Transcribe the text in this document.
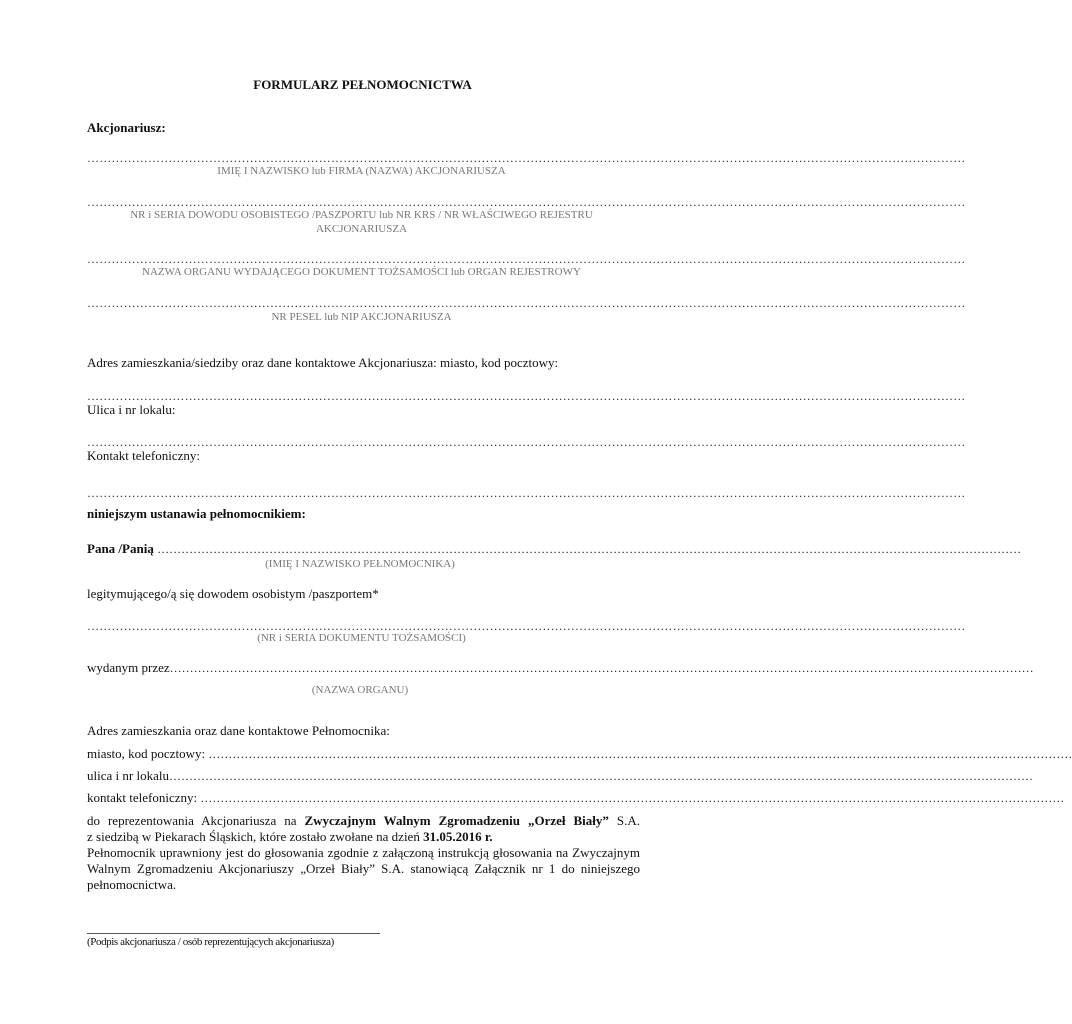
FORMULARZ PEŁNOMOCNICTWA
Akcjonariusz:
………………………………………………………………………………………………………………………………………………………………………………………………
IMIĘ I NAZWISKO lub FIRMA (NAZWA) AKCJONARIUSZA
………………………………………………………………………………………………………………………………………………………………………………………………
NR i SERIA DOWODU OSOBISTEGO /PASZPORTU lub NR KRS / NR WŁAŚCIWEGO REJESTRU
AKCJONARIUSZA
………………………………………………………………………………………………………………………………………………………………………………………………
NAZWA ORGANU WYDAJĄCEGO DOKUMENT TOŻSAMOŚCI lub ORGAN REJESTROWY
………………………………………………………………………………………………………………………………………………………………………………………………
NR PESEL lub NIP AKCJONARIUSZA
Adres zamieszkania/siedziby oraz dane kontaktowe Akcjonariusza: miasto, kod pocztowy:
………………………………………………………………………………………………………………………………………………………………………………………………
Ulica i nr lokalu:
………………………………………………………………………………………………………………………………………………………………………………………………
Kontakt telefoniczny:
………………………………………………………………………………………………………………………………………………………………………………………………
niniejszym ustanawia pełnomocnikiem:
Pana /Panią ………………………………………………………………………………………………………………………………………………………………………………………………
(IMIĘ I NAZWISKO PEŁNOMOCNIKA)
legitymującego/ą się dowodem osobistym /paszportem*
………………………………………………………………………………………………………………………………………………………………………………………………
(NR i SERIA DOKUMENTU TOŻSAMOŚCI)
wydanym przez………………………………………………………………………………………………………………………………………………………………………………………………
(NAZWA ORGANU)
Adres zamieszkania oraz dane kontaktowe Pełnomocnika:
miasto, kod pocztowy: ………………………………………………………………………………………………………………………………………………………………………………………………
ulica i nr lokalu………………………………………………………………………………………………………………………………………………………………………………………………
kontakt telefoniczny: ………………………………………………………………………………………………………………………………………………………………………………………………
do reprezentowania Akcjonariusza na Zwyczajnym Walnym Zgromadzeniu „Orzeł Biały” S.A.
z siedzibą w Piekarach Śląskich, które zostało zwołane na dzień 31.05.2016 r.
Pełnomocnik uprawniony jest do głosowania zgodnie z załączoną instrukcją głosowania na Zwyczajnym Walnym Zgromadzeniu Akcjonariuszy „Orzeł Biały” S.A. stanowiącą Załącznik nr 1 do niniejszego pełnomocnictwa.
(Podpis akcjonariusza / osób reprezentujących akcjonariusza)
